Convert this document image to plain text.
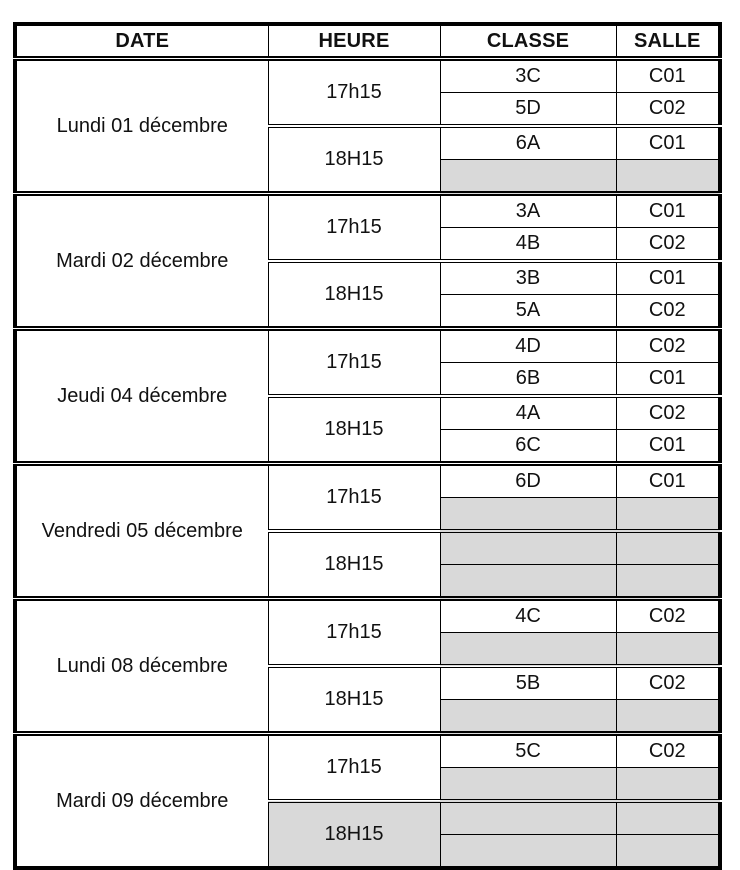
DATE	HEURE	CLASSE	SALLE
Lundi 01 décembre	17h15	3C	C01
		5D	C02
	18H15	6A	C01

Mardi 02 décembre	17h15	3A	C01
		4B	C02
	18H15	3B	C01
		5A	C02
Jeudi 04 décembre	17h15	4D	C02
		6B	C01
	18H15	4A	C02
		6C	C01
Vendredi 05 décembre	17h15	6D	C01

	18H15		

Lundi 08 décembre	17h15	4C	C02

	18H15	5B	C02

Mardi 09 décembre	17h15	5C	C02

	18H15		
